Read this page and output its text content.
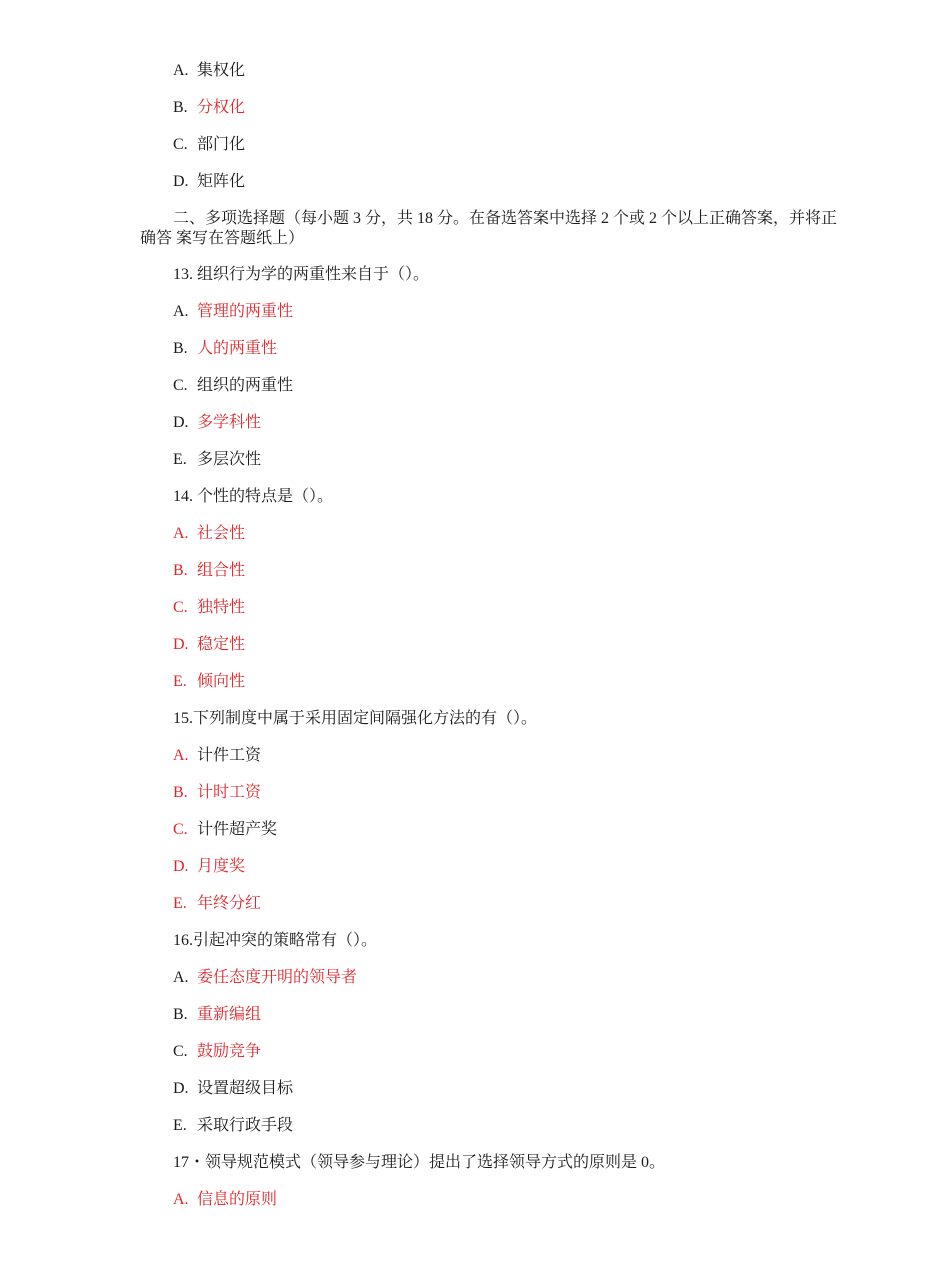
A. 集权化
B. 分权化
C. 部门化
D. 矩阵化
二、多项选择题（每小题 3 分，共 18 分。在备选答案中选择 2 个或 2 个以上正确答案，并将正
确答 案写在答题纸上）
13. 组织行为学的两重性来自于（）。
A. 管理的两重性
B. 人的两重性
C. 组织的两重性
D. 多学科性
E. 多层次性
14. 个性的特点是（）。
A. 社会性
B. 组合性
C. 独特性
D. 稳定性
E. 倾向性
15.下列制度中属于采用固定间隔强化方法的有（）。
A. 计件工资
B. 计时工资
C. 计件超产奖
D. 月度奖
E. 年终分红
16.引起冲突的策略常有（）。
A. 委任态度开明的领导者
B. 重新编组
C. 鼓励竞争
D. 设置超级目标
E. 采取行政手段
17・领导规范模式（领导参与理论）提出了选择领导方式的原则是 0。
A. 信息的原则
